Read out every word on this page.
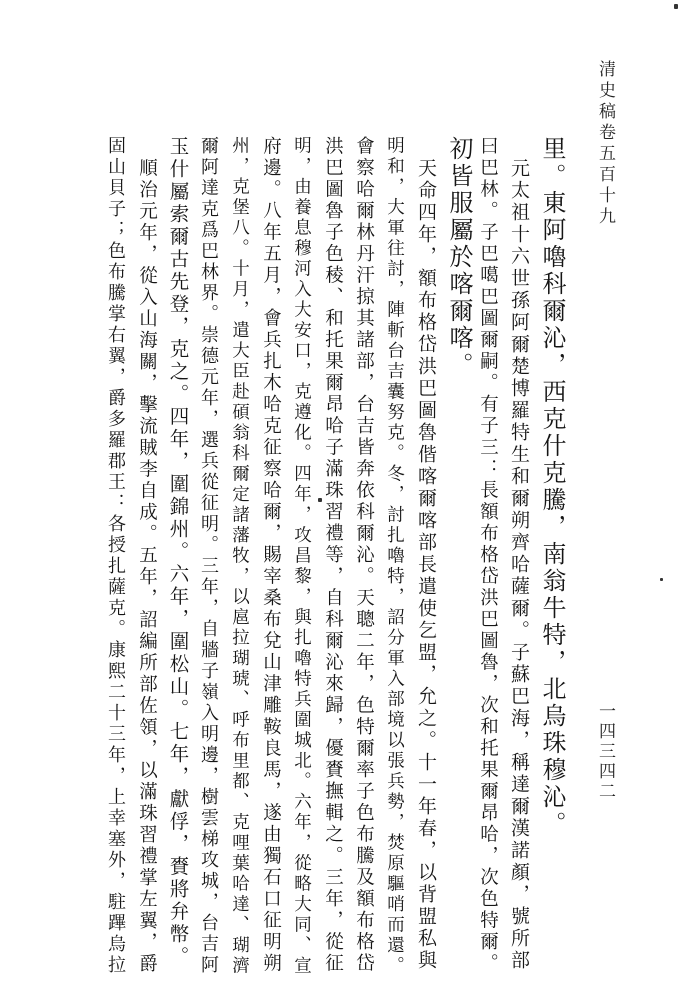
清史稿卷五百十九
一四三四二
里。東阿嚕科爾沁，西克什克騰，南翁牛特，北烏珠穆沁。
元太祖十六世孫阿爾楚博羅特生和爾朔齊哈薩爾。子蘇巴海，稱達爾漢諾顏，號所部
曰巴林。子巴噶巴圖爾嗣。有子三：長額布格岱洪巴圖魯，次和托果爾昂哈，次色特爾。
初皆服屬於喀爾喀。
天命四年，額布格岱洪巴圖魯偕喀爾喀部長遣使乞盟，允之。十一年春，以背盟私與
明和，大軍往討，陣斬台吉囊努克。冬，討扎嚕特，詔分軍入部境以張兵勢，焚原驅哨而還。
會察哈爾林丹汗掠其諸部，台吉皆奔依科爾沁。天聰二年，色特爾率子色布騰及額布格岱
洪巴圖魯子色稜、和托果爾昂哈子滿珠習禮等，自科爾沁來歸，優賚撫輯之。三年，從征
明，由養息穆河入大安口，克遵化。四年，攻昌黎，與扎嚕特兵圍城北。六年，從略大同、宣
府邊。八年五月，會兵扎木哈克征察哈爾，賜宰桑布兌山津雕鞍良馬，遂由獨石口征明朔
州，克堡八。十月，遣大臣赴碩翁科爾定諸藩牧，以扈拉瑚琥、呼布里都、克哩葉哈達、瑚濟
爾阿達克爲巴林界。崇德元年，選兵從征明。三年，自牆子嶺入明邊，樹雲梯攻城，台吉阿
玉什屬索爾古先登，克之。四年，圍錦州。六年，圍松山。七年，獻俘，賚將弁幣。
順治元年，從入山海關，擊流賊李自成。五年，詔編所部佐領，以滿珠習禮掌左翼，爵
固山貝子；色布騰掌右翼，爵多羅郡王：各授扎薩克。康熙二十三年，上幸塞外，駐蹕烏拉
